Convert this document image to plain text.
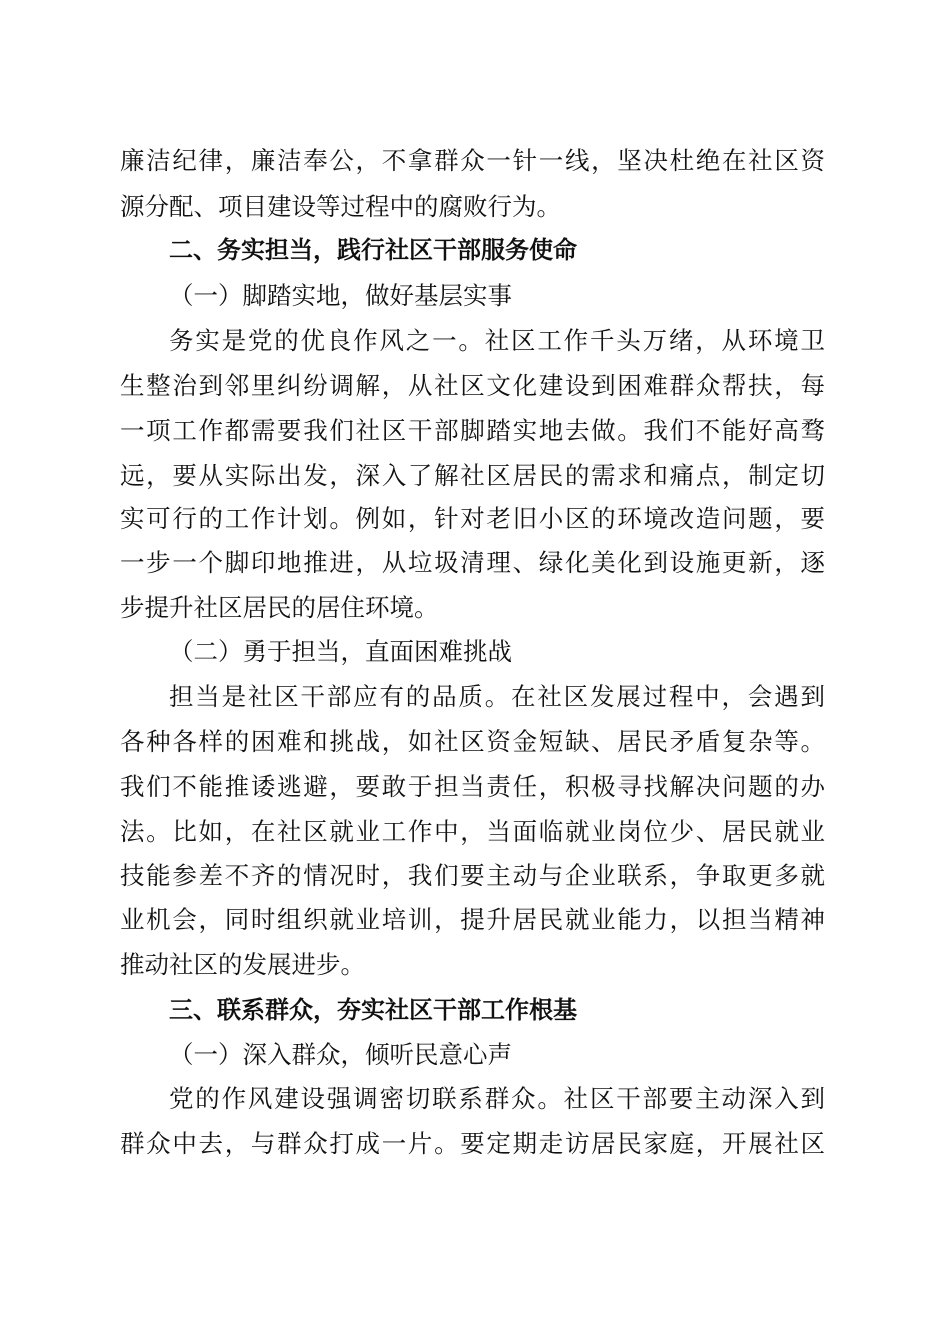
廉洁纪律，廉洁奉公，不拿群众一针一线，坚决杜绝在社区资
源分配、项目建设等过程中的腐败行为。
二、务实担当，践行社区干部服务使命
（一）脚踏实地，做好基层实事
务实是党的优良作风之一。社区工作千头万绪，从环境卫
生整治到邻里纠纷调解，从社区文化建设到困难群众帮扶，每
一项工作都需要我们社区干部脚踏实地去做。我们不能好高骛
远，要从实际出发，深入了解社区居民的需求和痛点，制定切
实可行的工作计划。例如，针对老旧小区的环境改造问题，要
一步一个脚印地推进，从垃圾清理、绿化美化到设施更新，逐
步提升社区居民的居住环境。
（二）勇于担当，直面困难挑战
担当是社区干部应有的品质。在社区发展过程中，会遇到
各种各样的困难和挑战，如社区资金短缺、居民矛盾复杂等。
我们不能推诿逃避，要敢于担当责任，积极寻找解决问题的办
法。比如，在社区就业工作中，当面临就业岗位少、居民就业
技能参差不齐的情况时，我们要主动与企业联系，争取更多就
业机会，同时组织就业培训，提升居民就业能力，以担当精神
推动社区的发展进步。
三、联系群众，夯实社区干部工作根基
（一）深入群众，倾听民意心声
党的作风建设强调密切联系群众。社区干部要主动深入到
群众中去，与群众打成一片。要定期走访居民家庭，开展社区
